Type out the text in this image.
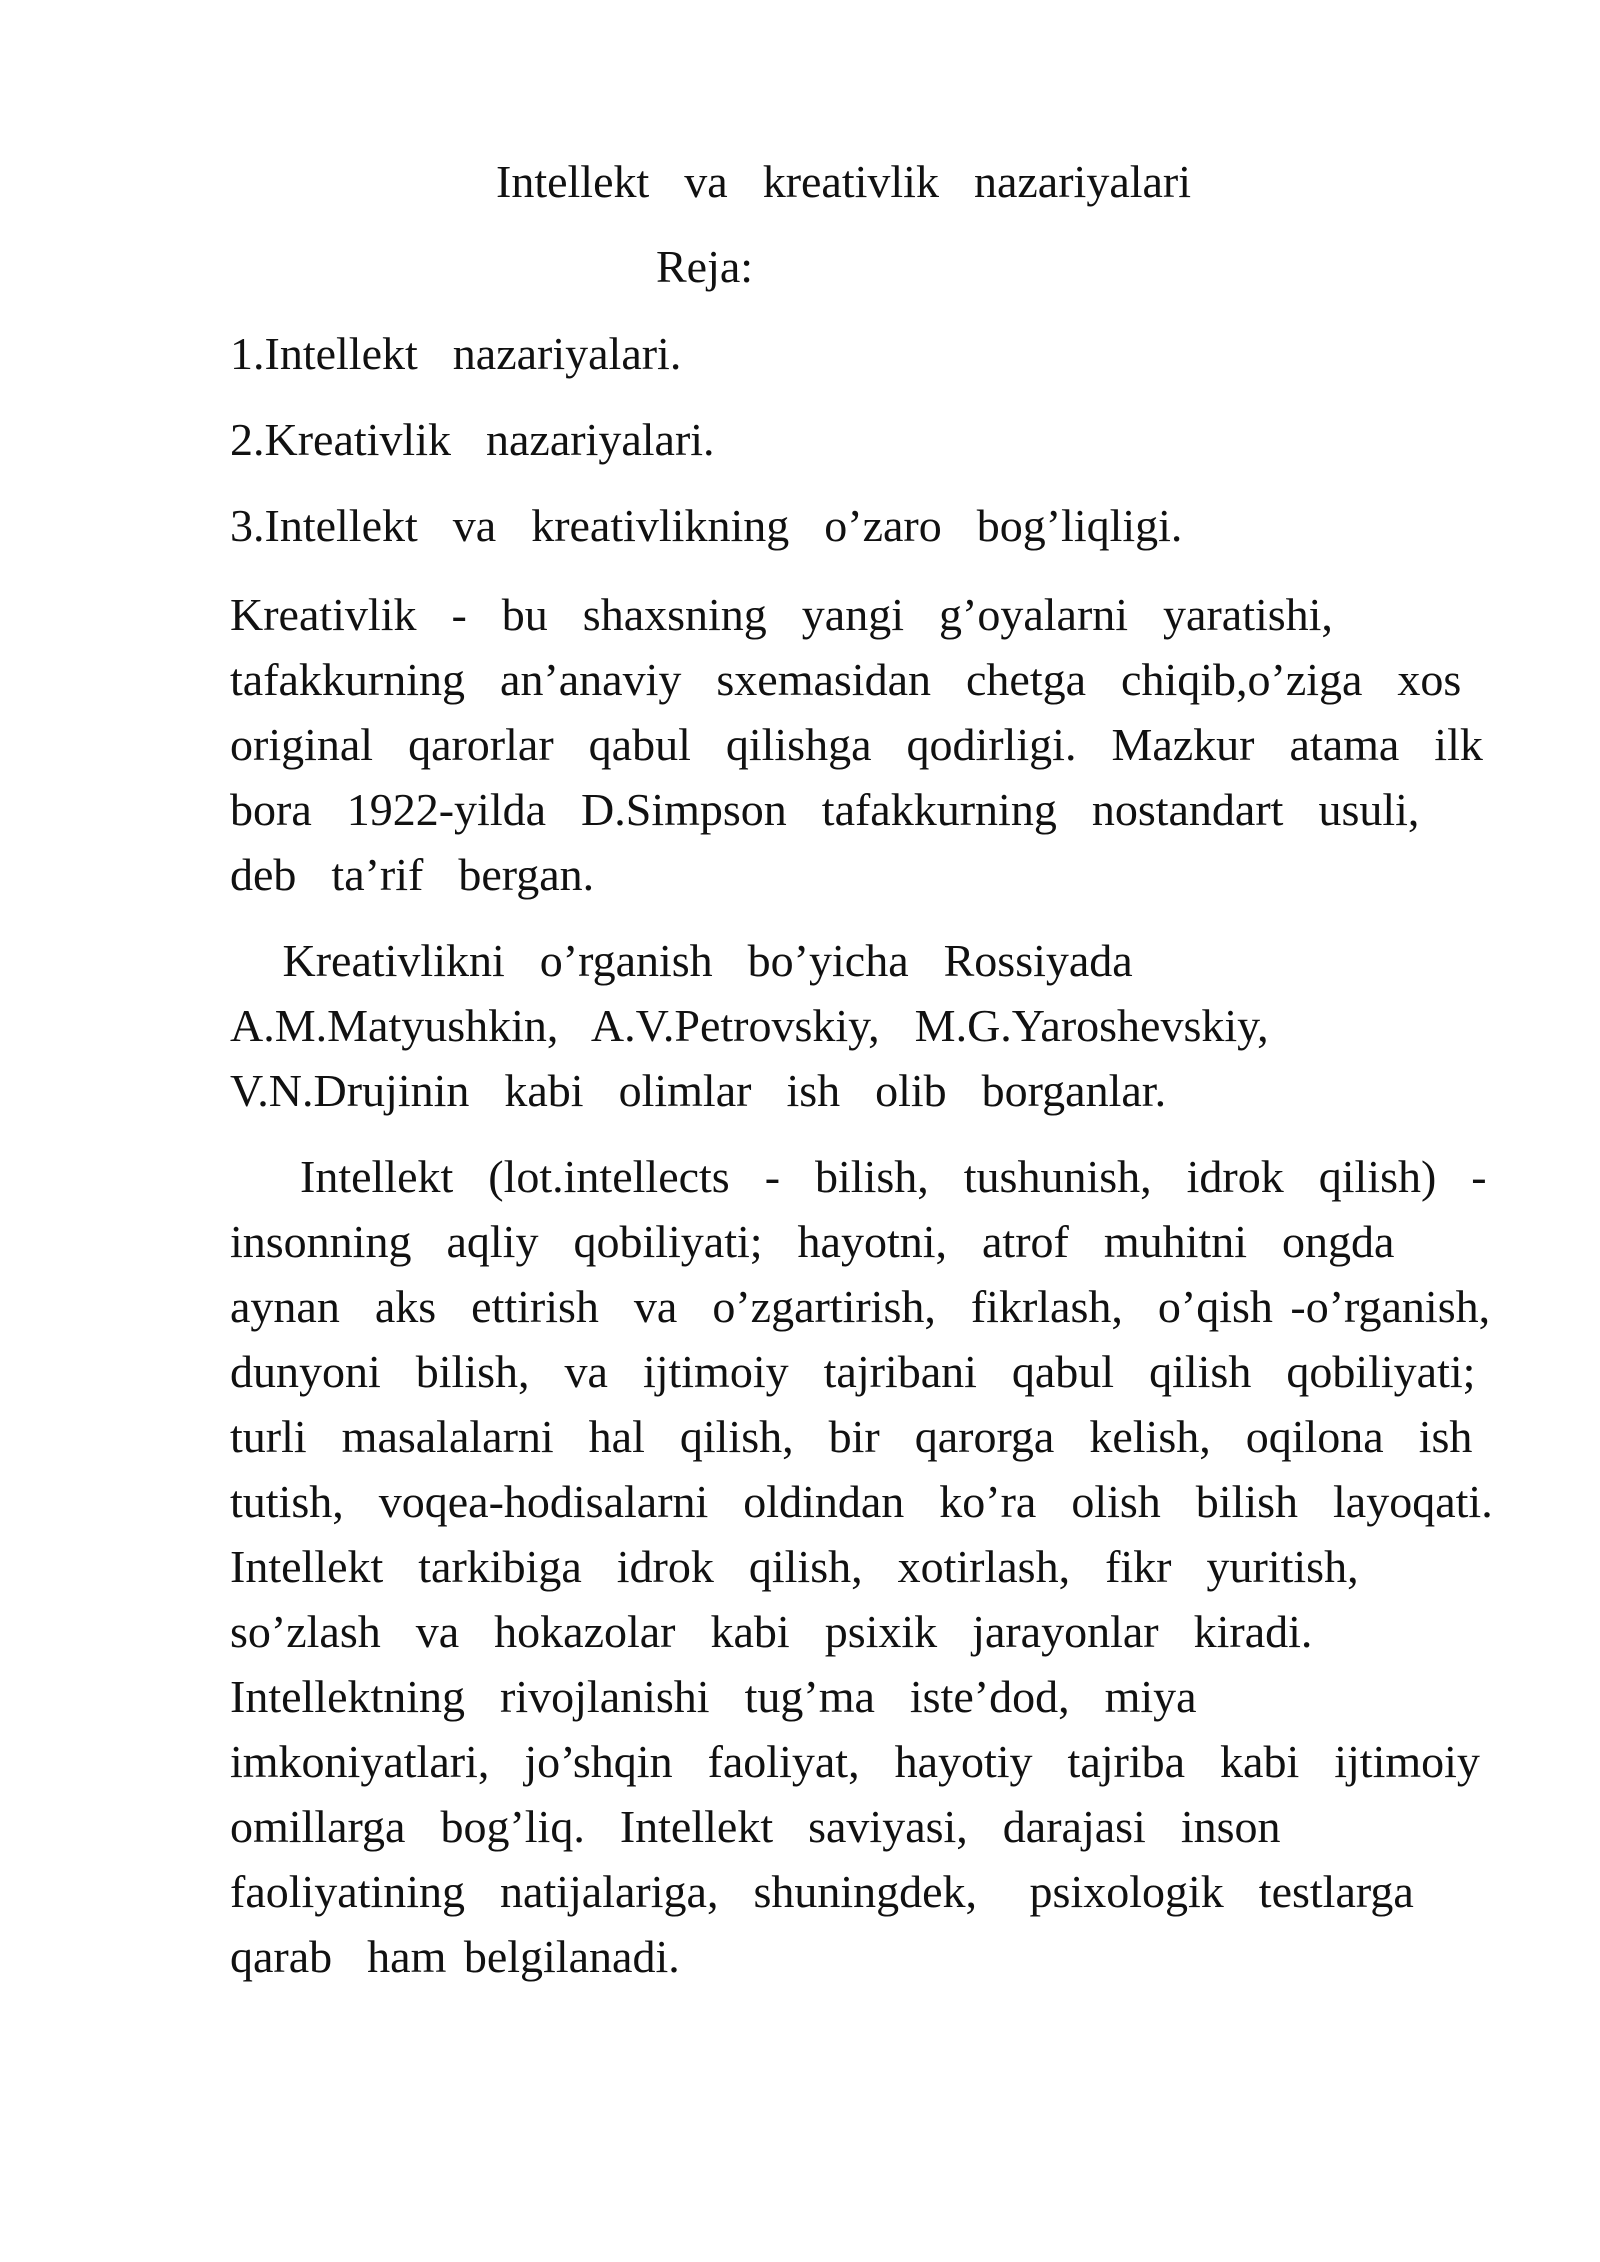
Intellekt  va  kreativlik  nazariyalari
Reja:
1.Intellekt  nazariyalari.
2.Kreativlik  nazariyalari.
3.Intellekt  va  kreativlikning  o’zaro  bog’liqligi.
Kreativlik  -  bu  shaxsning  yangi  g’oyalarni  yaratishi,
tafakkurning  an’anaviy  sxemasidan  chetga  chiqib,o’ziga  xos
original  qarorlar  qabul  qilishga  qodirligi.  Mazkur  atama  ilk
bora  1922-yilda  D.Simpson  tafakkurning  nostandart  usuli,
deb  ta’rif  bergan.
Kreativlikni  o’rganish  bo’yicha  Rossiyada
A.M.Matyushkin,  A.V.Petrovskiy,  M.G.Yaroshevskiy,
V.N.Drujinin  kabi  olimlar  ish  olib  borganlar.
Intellekt  (lot.intellects  -  bilish,  tushunish,  idrok  qilish)  -
insonning  aqliy  qobiliyati;  hayotni,  atrof  muhitni  ongda
aynan  aks  ettirish  va  o’zgartirish,  fikrlash,  o’qish -o’rganish,
dunyoni  bilish,  va  ijtimoiy  tajribani  qabul  qilish  qobiliyati;
turli  masalalarni  hal  qilish,  bir  qarorga  kelish,  oqilona  ish
tutish,  voqea-hodisalarni  oldindan  ko’ra  olish  bilish  layoqati.
Intellekt  tarkibiga  idrok  qilish,  xotirlash,  fikr  yuritish,
so’zlash  va  hokazolar  kabi  psixik  jarayonlar  kiradi.
Intellektning  rivojlanishi  tug’ma  iste’dod,  miya
imkoniyatlari,  jo’shqin  faoliyat,  hayotiy  tajriba  kabi  ijtimoiy
omillarga  bog’liq.  Intellekt  saviyasi,  darajasi  inson
faoliyatining  natijalariga,  shuningdek,   psixologik  testlarga
qarab  ham belgilanadi.
